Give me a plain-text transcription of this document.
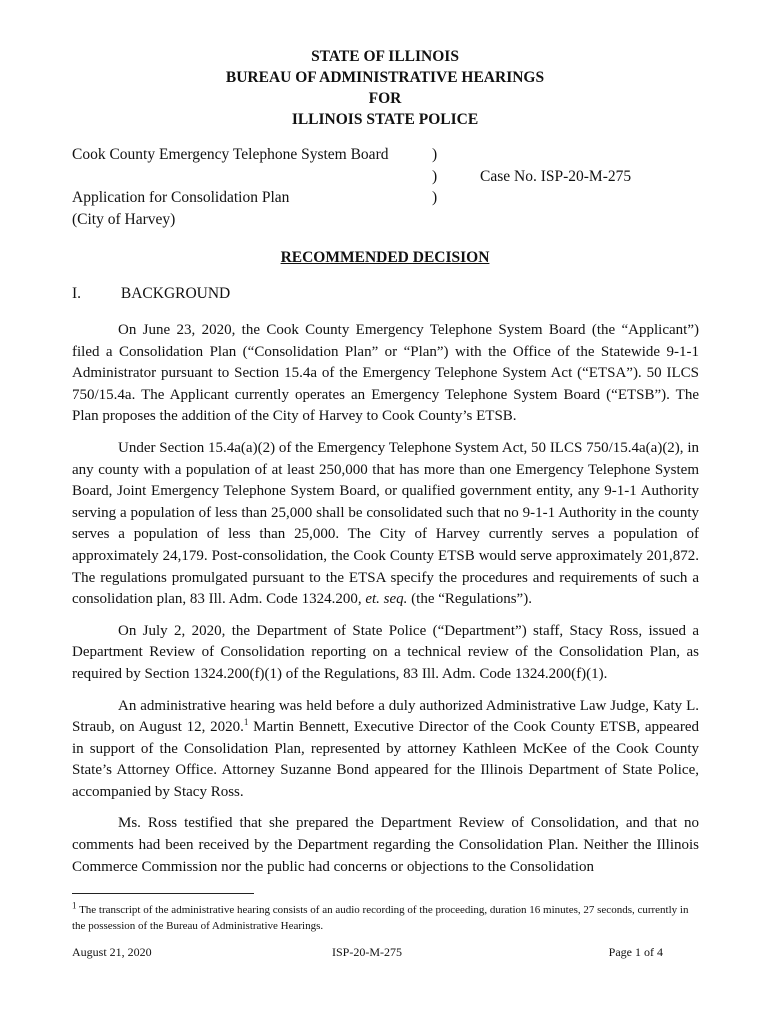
STATE OF ILLINOIS
BUREAU OF ADMINISTRATIVE HEARINGS
FOR
ILLINOIS STATE POLICE
Cook County Emergency Telephone System Board	)
)	Case No. ISP-20-M-275
Application for Consolidation Plan	)
(City of Harvey)
RECOMMENDED DECISION
I.	BACKGROUND

On June 23, 2020, the Cook County Emergency Telephone System Board (the “Applicant”) filed a Consolidation Plan (“Consolidation Plan” or “Plan”) with the Office of the Statewide 9-1-1 Administrator pursuant to Section 15.4a of the Emergency Telephone System Act (“ETSA”). 50 ILCS 750/15.4a. The Applicant currently operates an Emergency Telephone System Board (“ETSB”). The Plan proposes the addition of the City of Harvey to Cook County’s ETSB.

Under Section 15.4a(a)(2) of the Emergency Telephone System Act, 50 ILCS 750/15.4a(a)(2), in any county with a population of at least 250,000 that has more than one Emergency Telephone System Board, Joint Emergency Telephone System Board, or qualified government entity, any 9-1-1 Authority serving a population of less than 25,000 shall be consolidated such that no 9-1-1 Authority in the county serves a population of less than 25,000. The City of Harvey currently serves a population of approximately 24,179. Post-consolidation, the Cook County ETSB would serve approximately 201,872. The regulations promulgated pursuant to the ETSA specify the procedures and requirements of such a consolidation plan, 83 Ill. Adm. Code 1324.200, et. seq. (the “Regulations”).

On July 2, 2020, the Department of State Police (“Department”) staff, Stacy Ross, issued a Department Review of Consolidation reporting on a technical review of the Consolidation Plan, as required by Section 1324.200(f)(1) of the Regulations, 83 Ill. Adm. Code 1324.200(f)(1).

An administrative hearing was held before a duly authorized Administrative Law Judge, Katy L. Straub, on August 12, 2020.$^1$ Martin Bennett, Executive Director of the Cook County ETSB, appeared in support of the Consolidation Plan, represented by attorney Kathleen McKee of the Cook County State’s Attorney Office. Attorney Suzanne Bond appeared for the Illinois Department of State Police, accompanied by Stacy Ross.

Ms. Ross testified that she prepared the Department Review of Consolidation, and that no comments had been received by the Department regarding the Consolidation Plan. Neither the Illinois Commerce Commission nor the public had concerns or objections to the Consolidation

$^1$ The transcript of the administrative hearing consists of an audio recording of the proceeding, duration 16 minutes, 27 seconds, currently in the possession of the Bureau of Administrative Hearings.
August 21, 2020	ISP-20-M-275	Page 1 of 4
